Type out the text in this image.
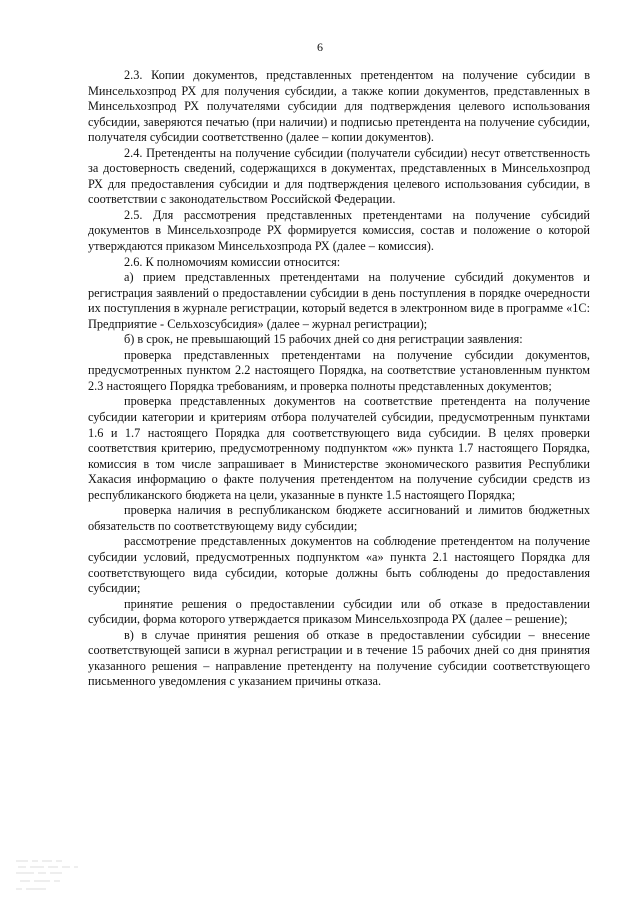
6

2.3. Копии документов, представленных претендентом на получение субсидии в Минсельхозпрод РХ для получения субсидии, а также копии документов, представленных в Минсельхозпрод РХ получателями субсидии для подтверждения целевого использования субсидии, заверяются печатью (при наличии) и подписью претендента на получение субсидии, получателя субсидии соответственно (далее – копии документов).

2.4. Претенденты на получение субсидии (получатели субсидии) несут ответственность за достоверность сведений, содержащихся в документах, представленных в Минсельхозпрод РХ для предоставления субсидии и для подтверждения целевого использования субсидии, в соответствии с законодательством Российской Федерации.

2.5. Для рассмотрения представленных претендентами на получение субсидий документов в Минсельхозпроде РХ формируется комиссия, состав и положение о которой утверждаются приказом Минсельхозпрода РХ (далее – комиссия).

2.6. К полномочиям комиссии относится:

а) прием представленных претендентами на получение субсидий документов и регистрация заявлений о предоставлении субсидии в день поступления в порядке очередности их поступления в журнале регистрации, который ведется в электронном виде в программе «1С: Предприятие - Сельхозсубсидия» (далее – журнал регистрации);

б) в срок, не превышающий 15 рабочих дней со дня регистрации заявления:

проверка представленных претендентами на получение субсидии документов, предусмотренных пунктом 2.2 настоящего Порядка, на соответствие установленным пунктом 2.3 настоящего Порядка требованиям, и проверка полноты представленных документов;

проверка представленных документов на соответствие претендента на получение субсидии категории и критериям отбора получателей субсидии, предусмотренным пунктами 1.6 и 1.7 настоящего Порядка для соответствующего вида субсидии. В целях проверки соответствия критерию, предусмотренному подпунктом «ж» пункта 1.7 настоящего Порядка, комиссия в том числе запрашивает в Министерстве экономического развития Республики Хакасия информацию о факте получения претендентом на получение субсидии средств из республиканского бюджета на цели, указанные в пункте 1.5 настоящего Порядка;

проверка наличия в республиканском бюджете ассигнований и лимитов бюджетных обязательств по соответствующему виду субсидии;

рассмотрение представленных документов на соблюдение претендентом на получение субсидии условий, предусмотренных подпунктом «а» пункта 2.1 настоящего Порядка для соответствующего вида субсидии, которые должны быть соблюдены до предоставления субсидии;

принятие решения о предоставлении субсидии или об отказе в предоставлении субсидии, форма которого утверждается приказом Минсельхозпрода РХ (далее – решение);

в) в случае принятия решения об отказе в предоставлении субсидии – внесение соответствующей записи в журнал регистрации и в течение 15 рабочих дней со дня принятия указанного решения – направление претенденту на получение субсидии соответствующего письменного уведомления с указанием причины отказа.
